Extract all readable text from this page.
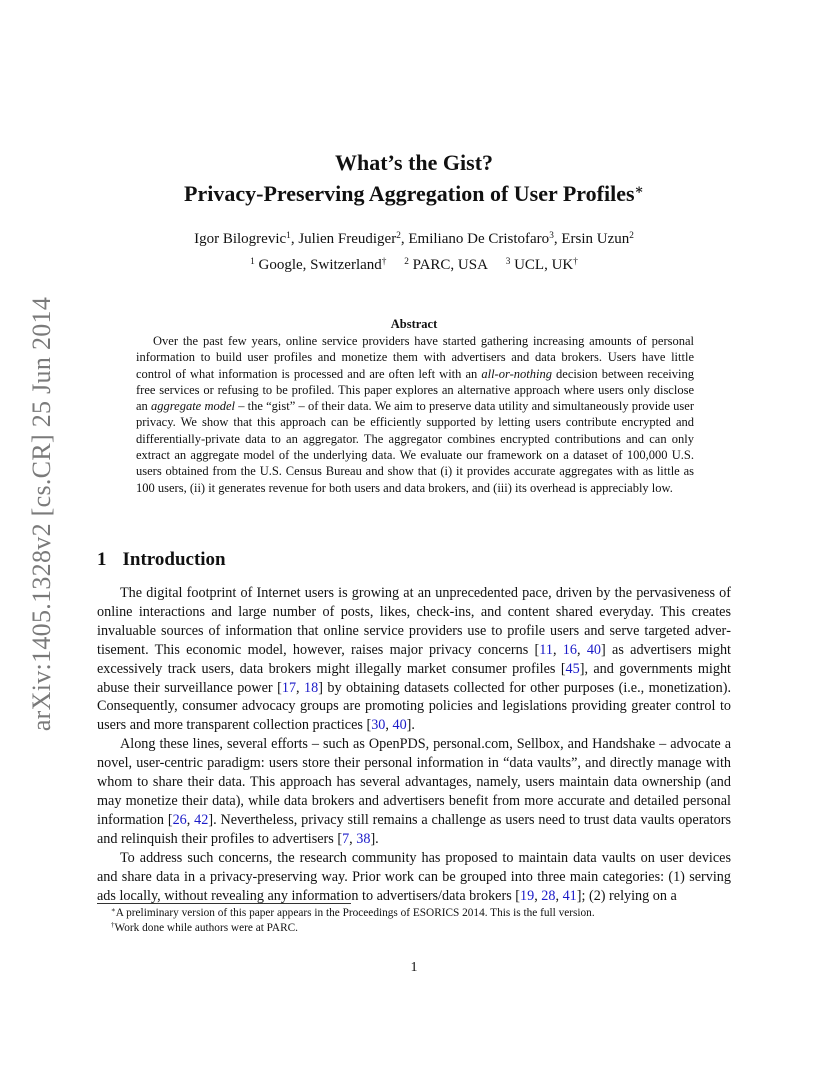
arXiv:1405.1328v2 [cs.CR] 25 Jun 2014
What’s the Gist?
Privacy-Preserving Aggregation of User Profiles∗
Igor Bilogrevic$^1$, Julien Freudiger$^2$, Emiliano De Cristofaro$^3$, Ersin Uzun$^2$
$^1$ Google, Switzerland† $^2$ PARC, USA $^3$ UCL, UK†
Abstract
Over the past few years, online service providers have started gathering increasing amounts of personal information to build user profiles and monetize them with advertisers and data brokers. Users have little control of what information is processed and are often left with an all-or-nothing decision between receiving free services or refusing to be profiled. This paper explores an alternative approach where users only disclose an aggregate model – the “gist” – of their data. We aim to preserve data utility and simultaneously provide user privacy. We show that this approach can be efficiently supported by letting users contribute encrypted and differentially-private data to an aggregator. The aggregator combines encrypted contributions and can only extract an aggregate model of the underlying data. We evaluate our framework on a dataset of 100,000 U.S. users obtained from the U.S. Census Bureau and show that (i) it provides accurate aggregates with as little as 100 users, (ii) it generates revenue for both users and data brokers, and (iii) its overhead is appreciably low.
1 Introduction

The digital footprint of Internet users is growing at an unprecedented pace, driven by the pervasiveness of online interactions and large number of posts, likes, check-ins, and content shared everyday. This creates invaluable sources of information that online service providers use to profile users and serve targeted advertisement. This economic model, however, raises major privacy concerns [11, 16, 40] as advertisers might excessively track users, data brokers might illegally market consumer profiles [45], and governments might abuse their surveillance power [17, 18] by obtaining datasets collected for other purposes (i.e., monetization). Consequently, consumer advocacy groups are promoting policies and legislations providing greater control to users and more transparent collection practices [30, 40].

Along these lines, several efforts – such as OpenPDS, personal.com, Sellbox, and Handshake – advocate a novel, user-centric paradigm: users store their personal information in “data vaults”, and directly manage with whom to share their data. This approach has several advantages, namely, users maintain data ownership (and may monetize their data), while data brokers and advertisers benefit from more accurate and detailed personal information [26, 42]. Nevertheless, privacy still remains a challenge as users need to trust data vaults operators and relinquish their profiles to advertisers [7, 38].

To address such concerns, the research community has proposed to maintain data vaults on user devices and share data in a privacy-preserving way. Prior work can be grouped into three main categories: (1) serving ads locally, without revealing any information to advertisers/data brokers [19, 28, 41]; (2) relying on a

∗A preliminary version of this paper appears in the Proceedings of ESORICS 2014. This is the full version.
†Work done while authors were at PARC.
1
